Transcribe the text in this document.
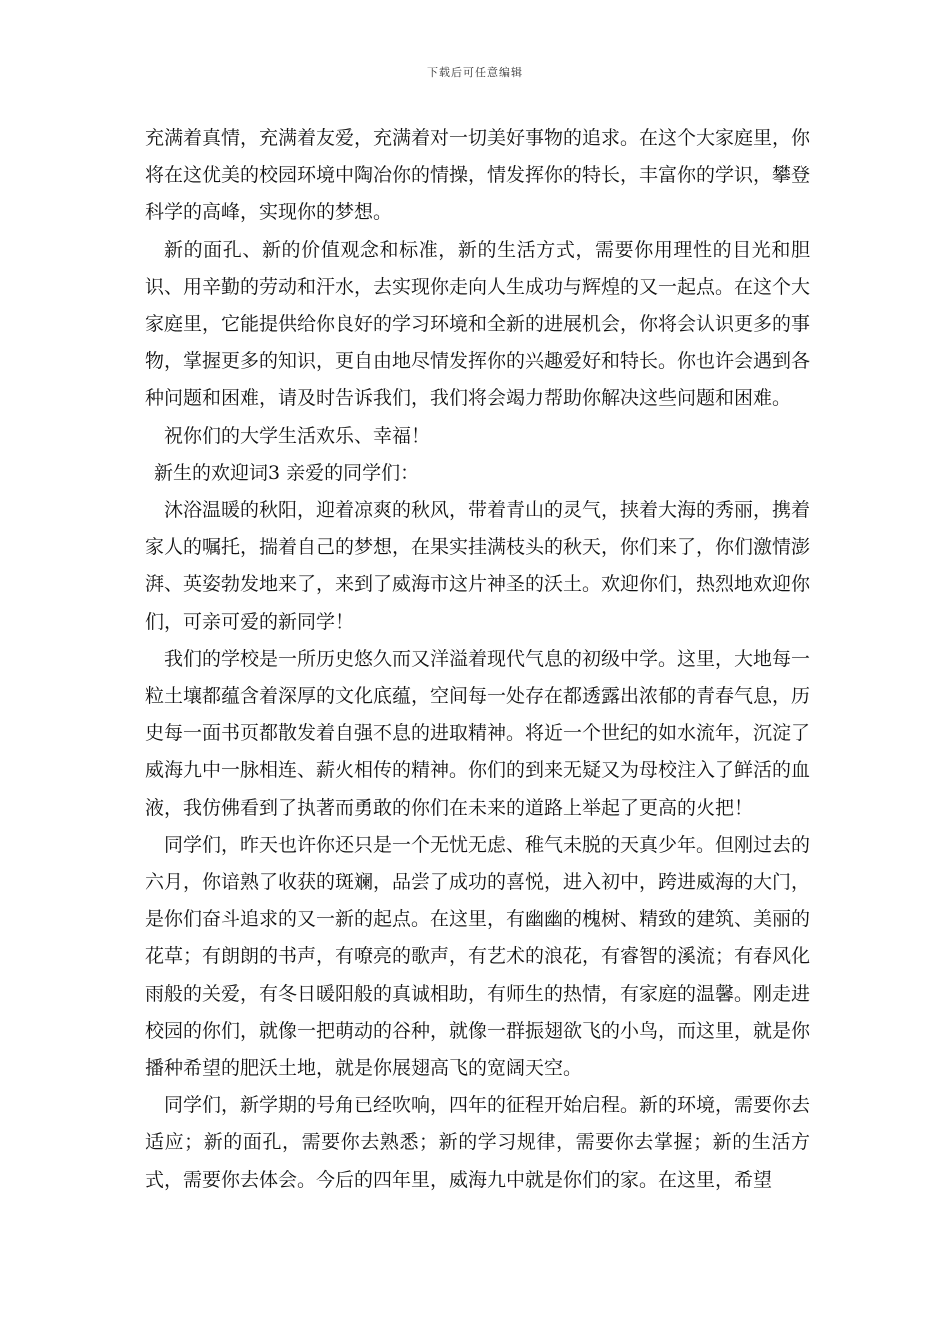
下载后可任意编辑

充满着真情，充满着友爱，充满着对一切美好事物的追求。在这个大家庭里，你将在这优美的校园环境中陶冶你的情操，情发挥你的特长，丰富你的学识，攀登科学的高峰，实现你的梦想。

新的面孔、新的价值观念和标准，新的生活方式，需要你用理性的目光和胆识、用辛勤的劳动和汗水，去实现你走向人生成功与辉煌的又一起点。在这个大家庭里，它能提供给你良好的学习环境和全新的进展机会，你将会认识更多的事物，掌握更多的知识，更自由地尽情发挥你的兴趣爱好和特长。你也许会遇到各种问题和困难，请及时告诉我们，我们将会竭力帮助你解决这些问题和困难。

祝你们的大学生活欢乐、幸福！

新生的欢迎词3 亲爱的同学们：

沐浴温暖的秋阳，迎着凉爽的秋风，带着青山的灵气，挟着大海的秀丽，携着家人的嘱托，揣着自己的梦想，在果实挂满枝头的秋天，你们来了，你们激情澎湃、英姿勃发地来了，来到了威海市这片神圣的沃土。欢迎你们，热烈地欢迎你们，可亲可爱的新同学！

我们的学校是一所历史悠久而又洋溢着现代气息的初级中学。这里，大地每一粒土壤都蕴含着深厚的文化底蕴，空间每一处存在都透露出浓郁的青春气息，历史每一面书页都散发着自强不息的进取精神。将近一个世纪的如水流年，沉淀了威海九中一脉相连、薪火相传的精神。你们的到来无疑又为母校注入了鲜活的血液，我仿佛看到了执著而勇敢的你们在未来的道路上举起了更高的火把！

同学们，昨天也许你还只是一个无忧无虑、稚气未脱的天真少年。但刚过去的六月，你谙熟了收获的斑斓，品尝了成功的喜悦，进入初中，跨进威海的大门，是你们奋斗追求的又一新的起点。在这里，有幽幽的槐树、精致的建筑、美丽的花草；有朗朗的书声，有嘹亮的歌声，有艺术的浪花，有睿智的溪流；有春风化雨般的关爱，有冬日暖阳般的真诚相助，有师生的热情，有家庭的温馨。刚走进校园的你们，就像一把萌动的谷种，就像一群振翅欲飞的小鸟，而这里，就是你播种希望的肥沃土地，就是你展翅高飞的宽阔天空。

同学们，新学期的号角已经吹响，四年的征程开始启程。新的环境，需要你去适应；新的面孔，需要你去熟悉；新的学习规律，需要你去掌握；新的生活方式，需要你去体会。今后的四年里，威海九中就是你们的家。在这里，希望
